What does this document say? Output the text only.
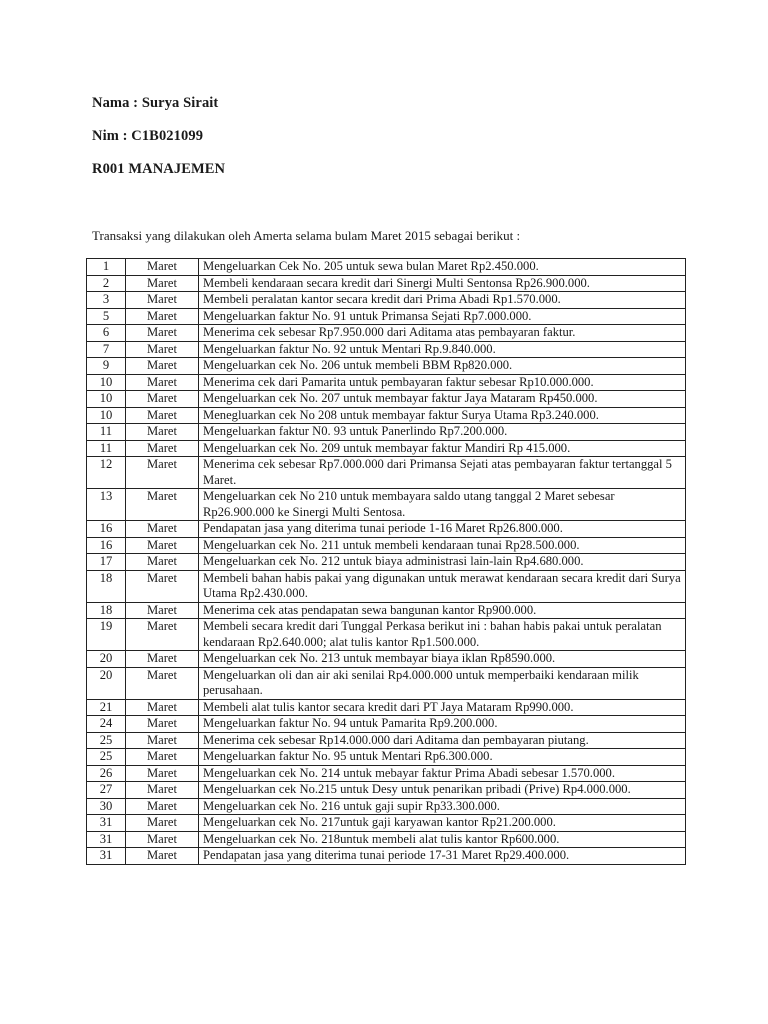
Nama : Surya Sirait
Nim : C1B021099
R001 MANAJEMEN
Transaksi yang dilakukan oleh Amerta selama bulam Maret 2015 sebagai berikut :
1	Maret	Mengeluarkan Cek No. 205 untuk sewa bulan Maret Rp2.450.000.
2	Maret	Membeli kendaraan secara kredit dari Sinergi Multi Sentonsa Rp26.900.000.
3	Maret	Membeli peralatan kantor secara kredit dari Prima Abadi Rp1.570.000.
5	Maret	Mengeluarkan faktur No. 91 untuk Primansa Sejati Rp7.000.000.
6	Maret	Menerima cek sebesar Rp7.950.000 dari Aditama atas pembayaran faktur.
7	Maret	Mengeluarkan faktur No. 92 untuk Mentari Rp.9.840.000.
9	Maret	Mengeluarkan cek No. 206 untuk membeli BBM Rp820.000.
10	Maret	Menerima cek dari Pamarita untuk pembayaran faktur sebesar Rp10.000.000.
10	Maret	Mengeluarkan cek No. 207 untuk membayar faktur Jaya Mataram Rp450.000.
10	Maret	Menegluarkan cek No 208 untuk membayar faktur Surya Utama Rp3.240.000.
11	Maret	Mengeluarkan faktur N0. 93 untuk Panerlindo Rp7.200.000.
11	Maret	Mengeluarkan cek No. 209 untuk membayar faktur Mandiri Rp 415.000.
12	Maret	Menerima cek sebesar Rp7.000.000 dari Primansa Sejati atas pembayaran faktur tertanggal 5 Maret.
13	Maret	Mengeluarkan cek No 210 untuk membayara saldo utang tanggal 2 Maret sebesar Rp26.900.000 ke Sinergi Multi Sentosa.
16	Maret	Pendapatan jasa yang diterima tunai periode 1-16 Maret Rp26.800.000.
16	Maret	Mengeluarkan cek No. 211 untuk membeli kendaraan tunai Rp28.500.000.
17	Maret	Mengeluarkan cek No. 212 untuk biaya administrasi lain-lain Rp4.680.000.
18	Maret	Membeli bahan habis pakai yang digunakan untuk merawat kendaraan secara kredit dari Surya Utama Rp2.430.000.
18	Maret	Menerima cek atas pendapatan sewa bangunan kantor Rp900.000.
19	Maret	Membeli secara kredit dari Tunggal Perkasa berikut ini : bahan habis pakai untuk peralatan kendaraan Rp2.640.000; alat tulis kantor Rp1.500.000.
20	Maret	Mengeluarkan cek No. 213 untuk membayar biaya iklan Rp8590.000.
20	Maret	Mengeluarkan oli dan air aki senilai Rp4.000.000 untuk memperbaiki kendaraan milik perusahaan.
21	Maret	Membeli alat tulis kantor secara kredit dari PT Jaya Mataram Rp990.000.
24	Maret	Mengeluarkan faktur No. 94 untuk Pamarita Rp9.200.000.
25	Maret	Menerima cek sebesar Rp14.000.000 dari Aditama dan pembayaran piutang.
25	Maret	Mengeluarkan faktur No. 95 untuk Mentari Rp6.300.000.
26	Maret	Mengeluarkan cek No. 214 untuk mebayar faktur Prima Abadi sebesar 1.570.000.
27	Maret	Mengeluarkan cek No.215 untuk Desy untuk penarikan pribadi (Prive) Rp4.000.000.
30	Maret	Mengeluarkan cek No. 216 untuk gaji supir Rp33.300.000.
31	Maret	Mengeluarkan cek No. 217untuk gaji karyawan kantor Rp21.200.000.
31	Maret	Mengeluarkan cek No. 218untuk membeli alat tulis kantor Rp600.000.
31	Maret	Pendapatan jasa yang diterima tunai periode 17-31 Maret Rp29.400.000.
